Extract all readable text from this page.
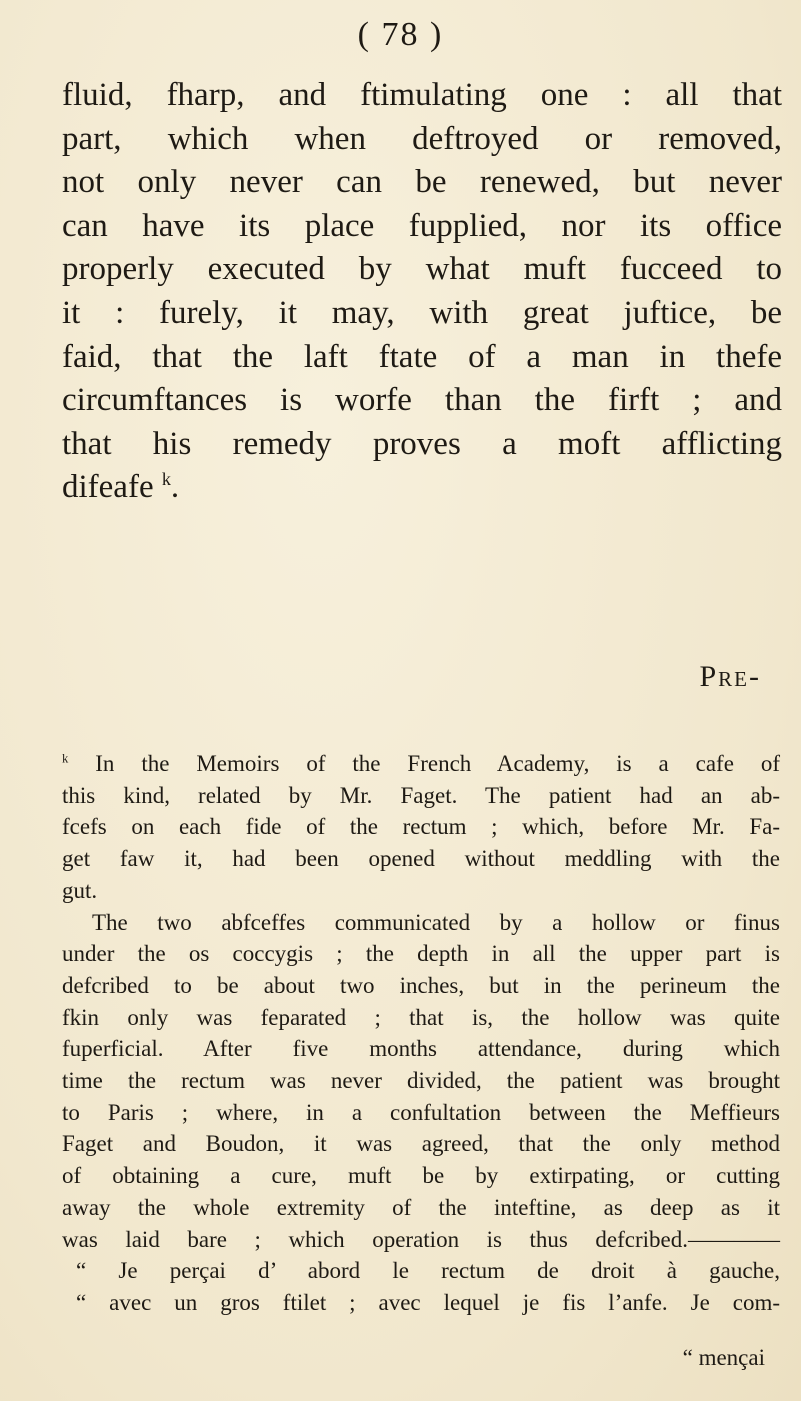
( 78 )
fluid, fharp, and ftimulating one : all that
part, which when deftroyed or removed,
not only never can be renewed, but never
can have its place fupplied, nor its office
properly executed by what muft fucceed to
it : furely, it may, with great juftice, be
faid, that the laft ftate of a man in thefe
circumftances is worfe than the firft ; and
that his remedy proves a moft afflicting
difeafe $^k$.
Pre-
$^k$ In the Memoirs of the French Academy, is a cafe of
this kind, related by Mr. Faget. The patient had an ab-
fcefs on each fide of the rectum ; which, before Mr. Fa-
get faw it, had been opened without meddling with the
gut.
The two abfceffes communicated by a hollow or finus
under the os coccygis ; the depth in all the upper part is
defcribed to be about two inches, but in the perineum the
fkin only was feparated ; that is, the hollow was quite
fuperficial. After five months attendance, during which
time the rectum was never divided, the patient was brought
to Paris ; where, in a confultation between the Meffieurs
Faget and Boudon, it was agreed, that the only method
of obtaining a cure, muft be by extirpating, or cutting
away the whole extremity of the inteftine, as deep as it
was laid bare ; which operation is thus defcribed.————
“ Je perçai d’ abord le rectum de droit à gauche,
“ avec un gros ftilet ; avec lequel je fis l’anfe. Je com-
“ mençai
